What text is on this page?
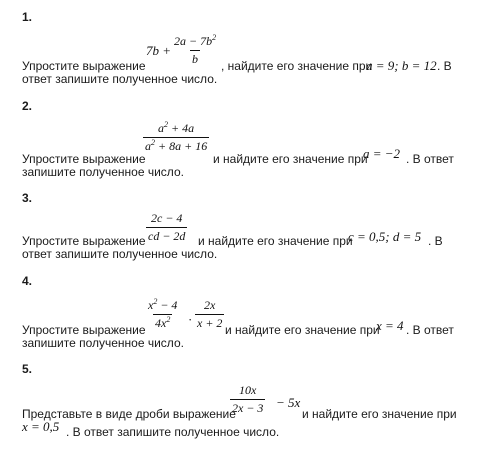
1.
Упростите выражение
$7b + \frac{2a - 7b^2}{b}$ , найдите его значение при
a = 9; b = 12 . В
ответ запишите полученное число.
2.
Упростите выражение
$\frac{a^2 + 4a}{a^2 + 8a + 16}$
и найдите его значение при
a = −2 . В ответ
запишите полученное число.
3.
Упростите выражение $\frac{2c - 4}{cd - 2d}$ и найдите его значение при
c = 0,5; d = 5 . В
ответ запишите полученное число.
4.
Упростите выражение $\frac{x^2 - 4}{4x^2} \cdot \frac{2x}{x + 2}$ и найдите его значение при
x = 4 . В ответ
запишите полученное число.
5.
Представьте в виде дроби выражение
$\frac{10x}{2x - 3} - 5x$
и найдите его значение при
x = 0,5 . В ответ запишите полученное число.
